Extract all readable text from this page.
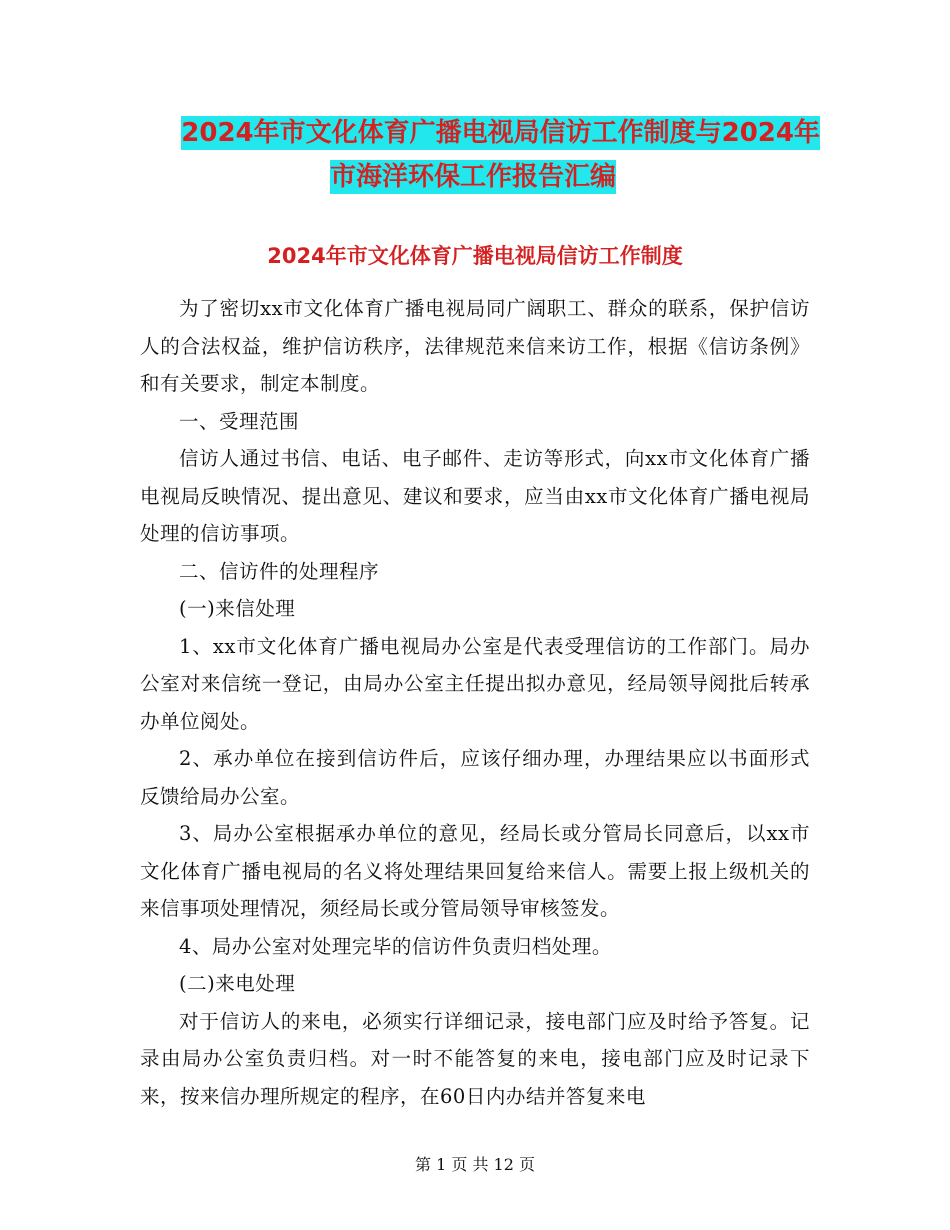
2024年市文化体育广播电视局信访工作制度与2024年
市海洋环保工作报告汇编
2024年市文化体育广播电视局信访工作制度

为了密切xx市文化体育广播电视局同广阔职工、群众的联系，保护信访人的合法权益，维护信访秩序，法律规范来信来访工作，根据《信访条例》和有关要求，制定本制度。

一、受理范围

信访人通过书信、电话、电子邮件、走访等形式，向xx市文化体育广播电视局反映情况、提出意见、建议和要求，应当由xx市文化体育广播电视局处理的信访事项。

二、信访件的处理程序

(一)来信处理

1、xx市文化体育广播电视局办公室是代表受理信访的工作部门。局办公室对来信统一登记，由局办公室主任提出拟办意见，经局领导阅批后转承办单位阅处。

2、承办单位在接到信访件后，应该仔细办理，办理结果应以书面形式反馈给局办公室。

3、局办公室根据承办单位的意见，经局长或分管局长同意后，以xx市文化体育广播电视局的名义将处理结果回复给来信人。需要上报上级机关的来信事项处理情况，须经局长或分管局领导审核签发。

4、局办公室对处理完毕的信访件负责归档处理。

(二)来电处理

对于信访人的来电，必须实行详细记录，接电部门应及时给予答复。记录由局办公室负责归档。对一时不能答复的来电，接电部门应及时记录下来，按来信办理所规定的程序，在60日内办结并答复来电

第 1 页 共 12 页
